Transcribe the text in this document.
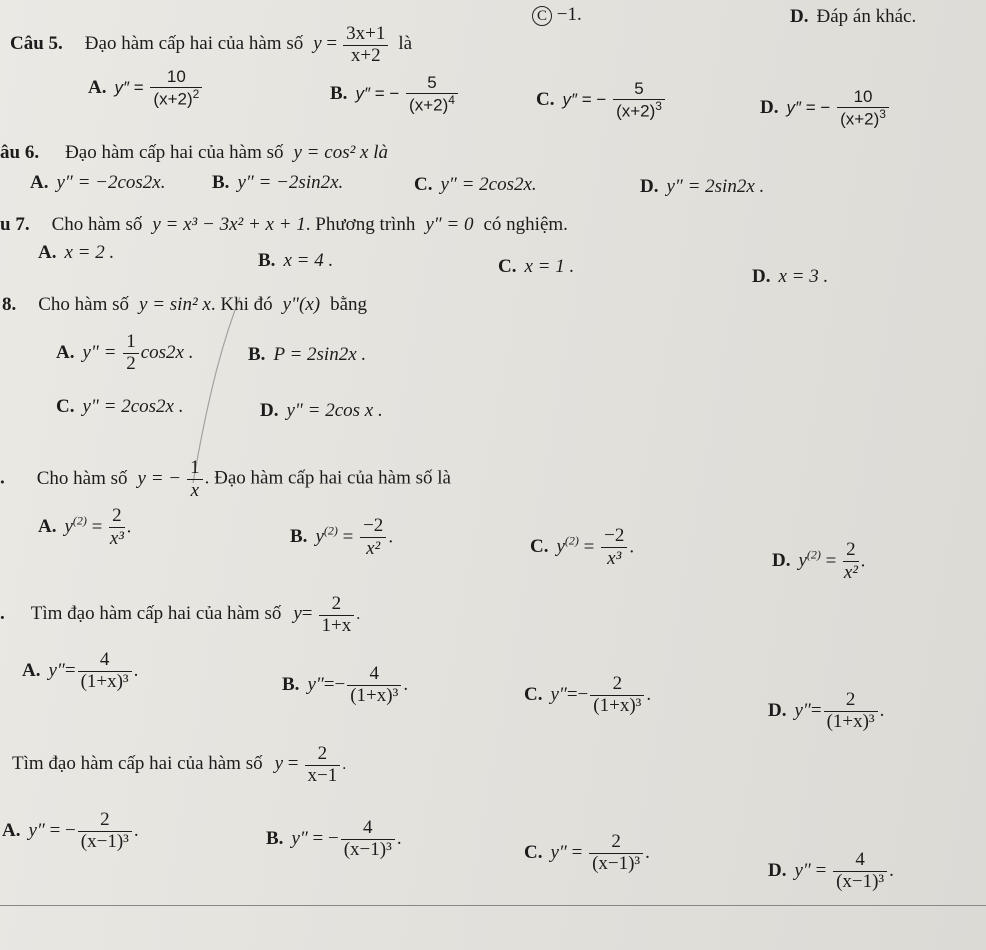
C −1.	D. Đáp án khác.
Câu 5. Đạo hàm cấp hai của hàm số $y = \frac{3x+1}{x+2}$ là
A. $y'' = \frac{10}{(x+2)^2}$	B. y″ = − $\frac{5}{(x+2)^4}$	C. y″ = − $\frac{5}{(x+2)^3}$	D. y″ = − $\frac{10}{(x+2)^3}$
âu 6. Đạo hàm cấp hai của hàm số y = cos² x là
A. y″ = −2cos2x. B. y″ = −2sin2x.	C. y″ = 2cos2x.	D. y″ = 2sin2x .
u 7. Cho hàm số y = x³ − 3x² + x + 1. Phương trình y″ = 0 có nghiệm.
A. x = 2 .	B. x = 4 .	C. x = 1 .	D. x = 3 .
8. Cho hàm số y = sin² x. Khi đó y"(x) bằng
A. y" = $\frac{1}{2} \cos 2x$ .	B. P = 2sin2x .
C. y" = 2cos2x .	D. y" = 2cos x .
. Cho hàm số y = − $\frac{1}{x}$ . Đạo hàm cấp hai của hàm số là
A. $y^{(2)} = \frac{2}{\text{x³}}$ .	B. $y^{(2)} = \frac{-2}{\text{x²}}$ .	C. $y^{(2)} = \frac{-2}{\text{x³}}$ .
D. $y^{(2)} = \frac{2}{\text{x²}}$ .
. Tìm đạo hàm cấp hai của hàm số $y= \frac{2}{1+x}$ .
A. $y''= \frac{4}{\text{(1+x)³}}$ .
B. $y''=- \frac{4}{\text{(1+x)³}}$ .	C. $y''=- \frac{2}{\text{(1+x)³}}$ .
D. $y''= \frac{2}{\text{(1+x)³}}$ .
Tìm đạo hàm cấp hai của hàm số $y = \frac{2}{x-1}$ .
A. y″ = − $\frac{2}{\text{(x−1)³}}$ .	B. y″ = − $\frac{4}{\text{(x−1)³}}$ .
C. $y'' = \frac{2}{\text{(x−1)³}}$ .
D. $y'' = \frac{4}{\text{(x−1)³}}$ .
